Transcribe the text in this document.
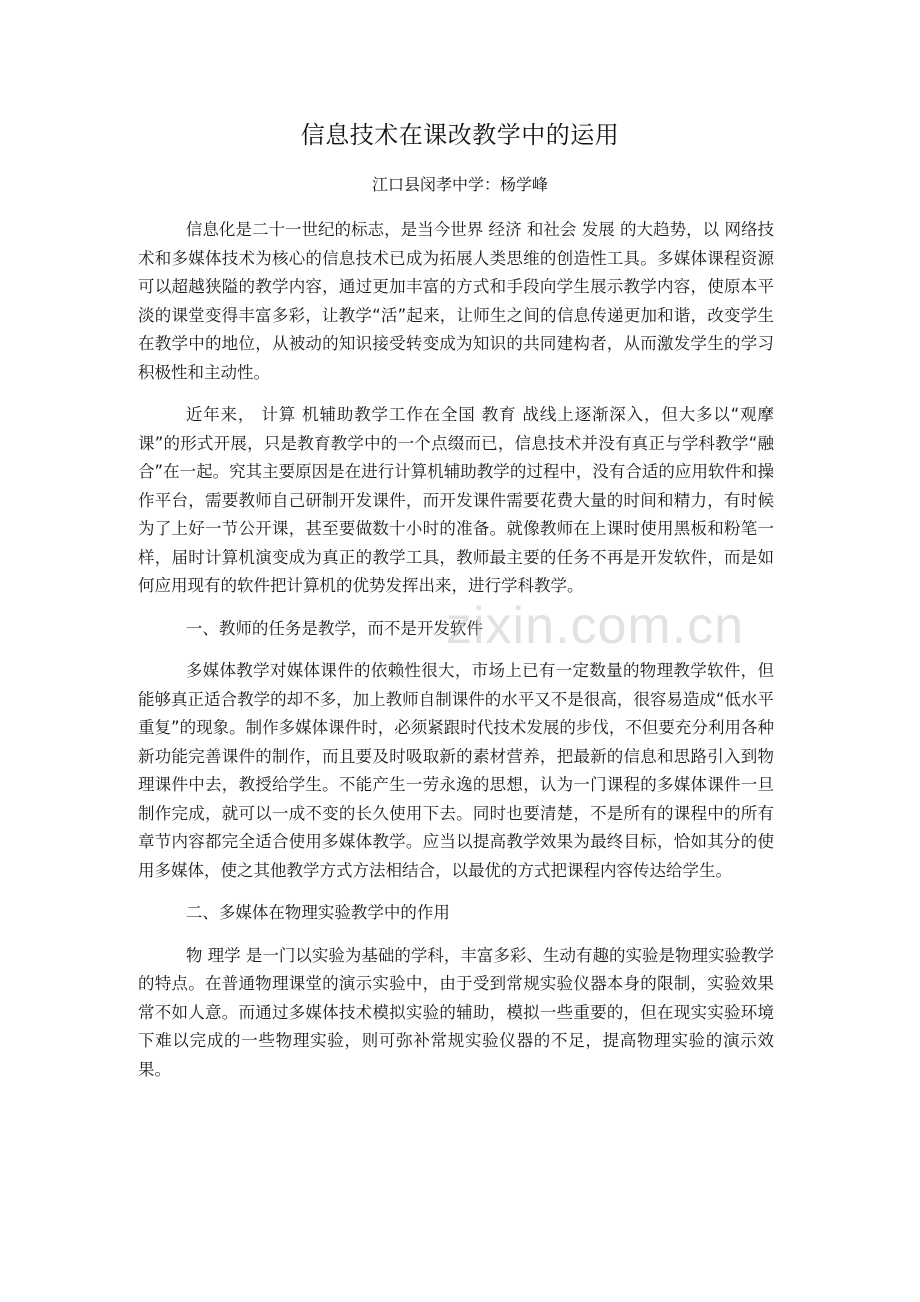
信息技术在课改教学中的运用
江口县闵孝中学：杨学峰

信息化是二十一世纪的标志，是当今世界 经济 和社会 发展 的大趋势，以 网络技术和多媒体技术为核心的信息技术已成为拓展人类思维的创造性工具。多媒体课程资源可以超越狭隘的教学内容，通过更加丰富的方式和手段向学生展示教学内容，使原本平淡的课堂变得丰富多彩，让教学“活”起来，让师生之间的信息传递更加和谐，改变学生在教学中的地位，从被动的知识接受转变成为知识的共同建构者，从而激发学生的学习积极性和主动性。

近年来， 计算 机辅助教学工作在全国 教育 战线上逐渐深入，但大多以“观摩课”的形式开展，只是教育教学中的一个点缀而已，信息技术并没有真正与学科教学“融合”在一起。究其主要原因是在进行计算机辅助教学的过程中，没有合适的应用软件和操作平台，需要教师自己研制开发课件，而开发课件需要花费大量的时间和精力，有时候为了上好一节公开课，甚至要做数十小时的准备。就像教师在上课时使用黑板和粉笔一样，届时计算机演变成为真正的教学工具，教师最主要的任务不再是开发软件，而是如何应用现有的软件把计算机的优势发挥出来，进行学科教学。

一、教师的任务是教学，而不是开发软件

多媒体教学对媒体课件的依赖性很大，市场上已有一定数量的物理教学软件，但能够真正适合教学的却不多，加上教师自制课件的水平又不是很高，很容易造成“低水平重复”的现象。制作多媒体课件时，必须紧跟时代技术发展的步伐，不但要充分利用各种新功能完善课件的制作，而且要及时吸取新的素材营养，把最新的信息和思路引入到物理课件中去，教授给学生。不能产生一劳永逸的思想，认为一门课程的多媒体课件一旦制作完成，就可以一成不变的长久使用下去。同时也要清楚，不是所有的课程中的所有章节内容都完全适合使用多媒体教学。应当以提高教学效果为最终目标，恰如其分的使用多媒体，使之其他教学方式方法相结合，以最优的方式把课程内容传达给学生。

二、多媒体在物理实验教学中的作用

物 理学 是一门以实验为基础的学科，丰富多彩、生动有趣的实验是物理实验教学的特点。在普通物理课堂的演示实验中，由于受到常规实验仪器本身的限制，实验效果常不如人意。而通过多媒体技术模拟实验的辅助，模拟一些重要的，但在现实实验环境下难以完成的一些物理实验，则可弥补常规实验仪器的不足，提高物理实验的演示效果。

zixin.com.cn
